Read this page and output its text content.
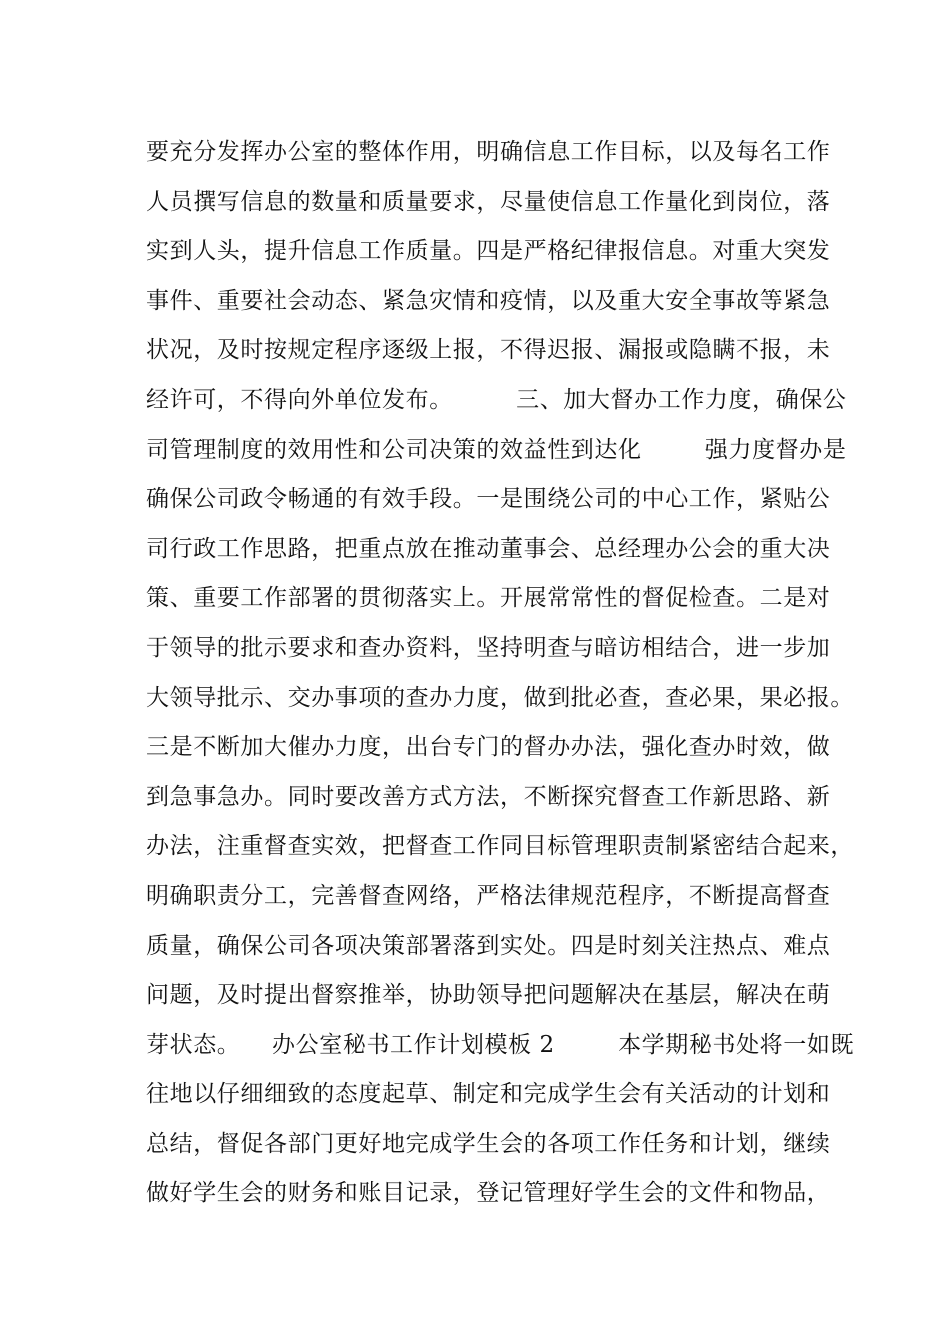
要充分发挥办公室的整体作用，明确信息工作目标，以及每名工作
人员撰写信息的数量和质量要求，尽量使信息工作量化到岗位，落
实到人头，提升信息工作质量。四是严格纪律报信息。对重大突发
事件、重要社会动态、紧急灾情和疫情，以及重大安全事故等紧急
状况，及时按规定程序逐级上报，不得迟报、漏报或隐瞒不报，未
经许可，不得向外单位发布。        三、加大督办工作力度，确保公
司管理制度的效用性和公司决策的效益性到达化        强力度督办是
确保公司政令畅通的有效手段。一是围绕公司的中心工作，紧贴公
司行政工作思路，把重点放在推动董事会、总经理办公会的重大决
策、重要工作部署的贯彻落实上。开展常常性的督促检查。二是对
于领导的批示要求和查办资料，坚持明查与暗访相结合，进一步加
大领导批示、交办事项的查办力度，做到批必查，查必果，果必报。
三是不断加大催办力度，出台专门的督办办法，强化查办时效，做
到急事急办。同时要改善方式方法，不断探究督查工作新思路、新
办法，注重督查实效，把督查工作同目标管理职责制紧密结合起来，
明确职责分工，完善督查网络，严格法律规范程序，不断提高督查
质量，确保公司各项决策部署落到实处。四是时刻关注热点、难点
问题，及时提出督察推举，协助领导把问题解决在基层，解决在萌
芽状态。    办公室秘书工作计划模板 2        本学期秘书处将一如既
往地以仔细细致的态度起草、制定和完成学生会有关活动的计划和
总结，督促各部门更好地完成学生会的各项工作任务和计划，继续
做好学生会的财务和账目记录，登记管理好学生会的文件和物品，
